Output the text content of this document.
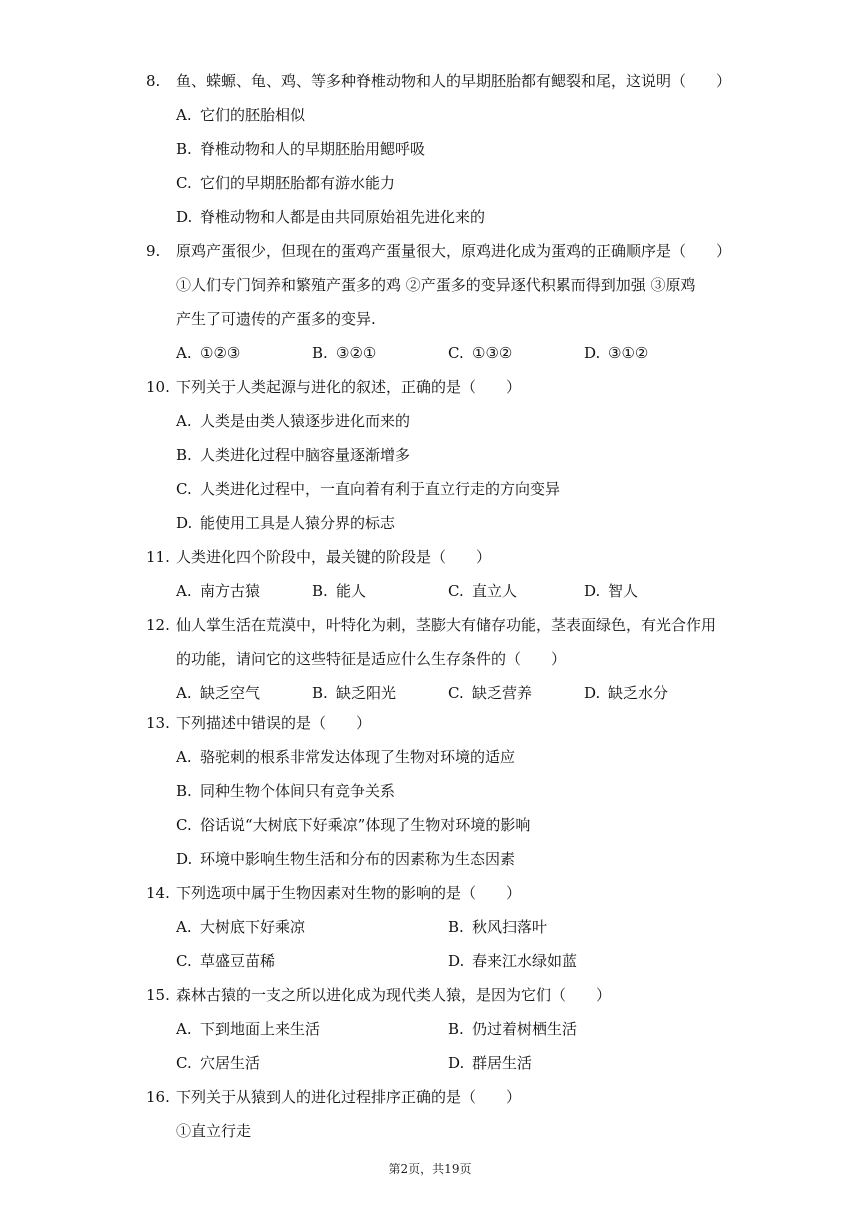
8.	鱼、蝾螈、龟、鸡、等多种脊椎动物和人的早期胚胎都有鳃裂和尾，这说明（　　）
A. 它们的胚胎相似
B. 脊椎动物和人的早期胚胎用鳃呼吸
C. 它们的早期胚胎都有游水能力
D. 脊椎动物和人都是由共同原始祖先进化来的
9.	原鸡产蛋很少，但现在的蛋鸡产蛋量很大，原鸡进化成为蛋鸡的正确顺序是（　　）
①人们专门饲养和繁殖产蛋多的鸡 ②产蛋多的变异逐代积累而得到加强 ③原鸡
产生了可遗传的产蛋多的变异.
A. ①②③	B. ③②①	C. ①③②	D. ③①②
10. 下列关于人类起源与进化的叙述，正确的是（　　）
A. 人类是由类人猿逐步进化而来的
B. 人类进化过程中脑容量逐渐增多
C. 人类进化过程中，一直向着有利于直立行走的方向变异
D. 能使用工具是人猿分界的标志
11. 人类进化四个阶段中，最关键的阶段是（　　）
A. 南方古猿	B. 能人	C. 直立人	D. 智人
12. 仙人掌生活在荒漠中，叶特化为刺，茎膨大有储存功能，茎表面绿色，有光合作用
的功能，请问它的这些特征是适应什么生存条件的（　　）
A. 缺乏空气	B. 缺乏阳光	C. 缺乏营养	D. 缺乏水分
13. 下列描述中错误的是（　　）
A. 骆驼刺的根系非常发达体现了生物对环境的适应
B. 同种生物个体间只有竞争关系
C. 俗话说“大树底下好乘凉”体现了生物对环境的影响
D. 环境中影响生物生活和分布的因素称为生态因素
14. 下列选项中属于生物因素对生物的影响的是（　　）
A. 大树底下好乘凉	B. 秋风扫落叶
C. 草盛豆苗稀	D. 春来江水绿如蓝
15. 森林古猿的一支之所以进化成为现代类人猿，是因为它们（　　）
A. 下到地面上来生活	B. 仍过着树栖生活
C. 穴居生活	D. 群居生活
16. 下列关于从猿到人的进化过程排序正确的是（　　）
①直立行走
第2页，共19页
